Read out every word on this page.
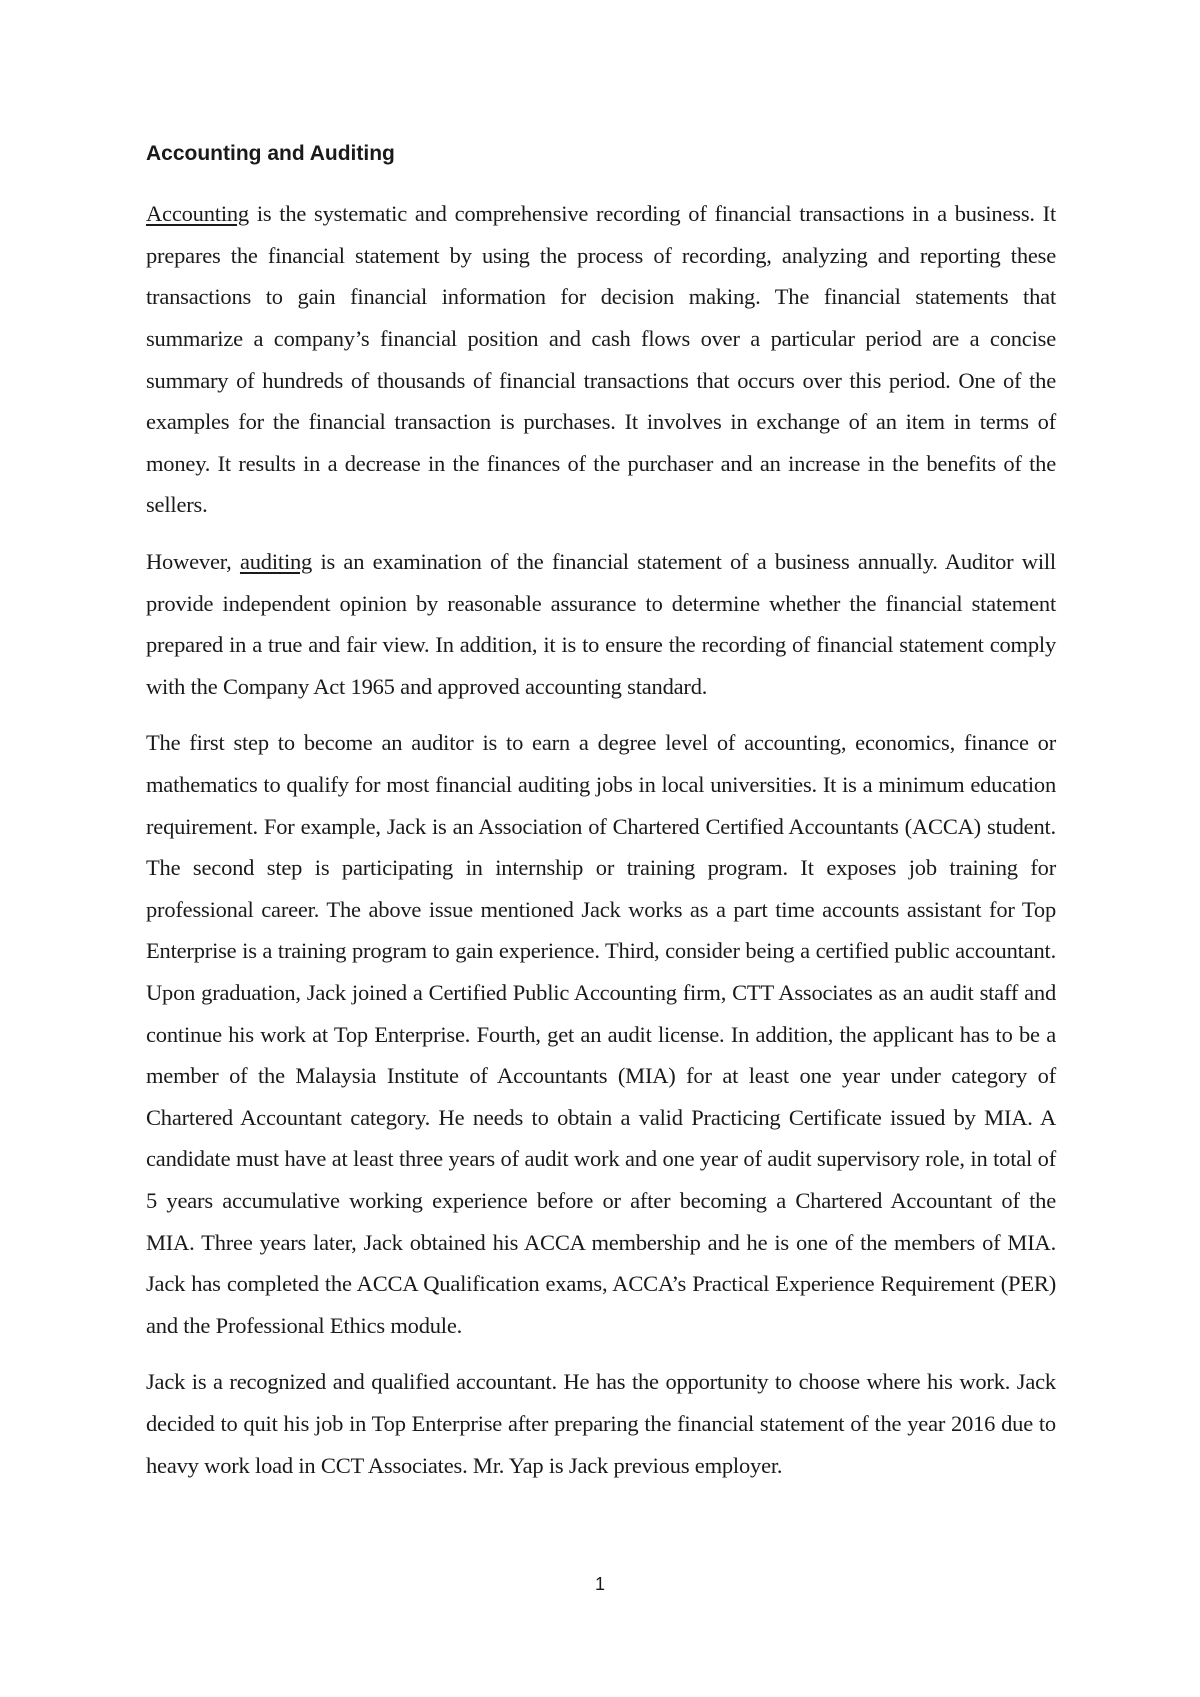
Accounting and Auditing

Accounting is the systematic and comprehensive recording of financial transactions in a business. It prepares the financial statement by using the process of recording, analyzing and reporting these transactions to gain financial information for decision making. The financial statements that summarize a company’s financial position and cash flows over a particular period are a concise summary of hundreds of thousands of financial transactions that occurs over this period. One of the examples for the financial transaction is purchases. It involves in exchange of an item in terms of money. It results in a decrease in the finances of the purchaser and an increase in the benefits of the sellers.

However, auditing is an examination of the financial statement of a business annually. Auditor will provide independent opinion by reasonable assurance to determine whether the financial statement prepared in a true and fair view. In addition, it is to ensure the recording of financial statement comply with the Company Act 1965 and approved accounting standard.

The first step to become an auditor is to earn a degree level of accounting, economics, finance or mathematics to qualify for most financial auditing jobs in local universities. It is a minimum education requirement. For example, Jack is an Association of Chartered Certified Accountants (ACCA) student. The second step is participating in internship or training program. It exposes job training for professional career. The above issue mentioned Jack works as a part time accounts assistant for Top Enterprise is a training program to gain experience. Third, consider being a certified public accountant. Upon graduation, Jack joined a Certified Public Accounting firm, CTT Associates as an audit staff and continue his work at Top Enterprise. Fourth, get an audit license. In addition, the applicant has to be a member of the Malaysia Institute of Accountants (MIA) for at least one year under category of Chartered Accountant category. He needs to obtain a valid Practicing Certificate issued by MIA. A candidate must have at least three years of audit work and one year of audit supervisory role, in total of 5 years accumulative working experience before or after becoming a Chartered Accountant of the MIA. Three years later, Jack obtained his ACCA membership and he is one of the members of MIA. Jack has completed the ACCA Qualification exams, ACCA’s Practical Experience Requirement (PER) and the Professional Ethics module.

Jack is a recognized and qualified accountant. He has the opportunity to choose where his work. Jack decided to quit his job in Top Enterprise after preparing the financial statement of the year 2016 due to heavy work load in CCT Associates. Mr. Yap is Jack previous employer.

1
